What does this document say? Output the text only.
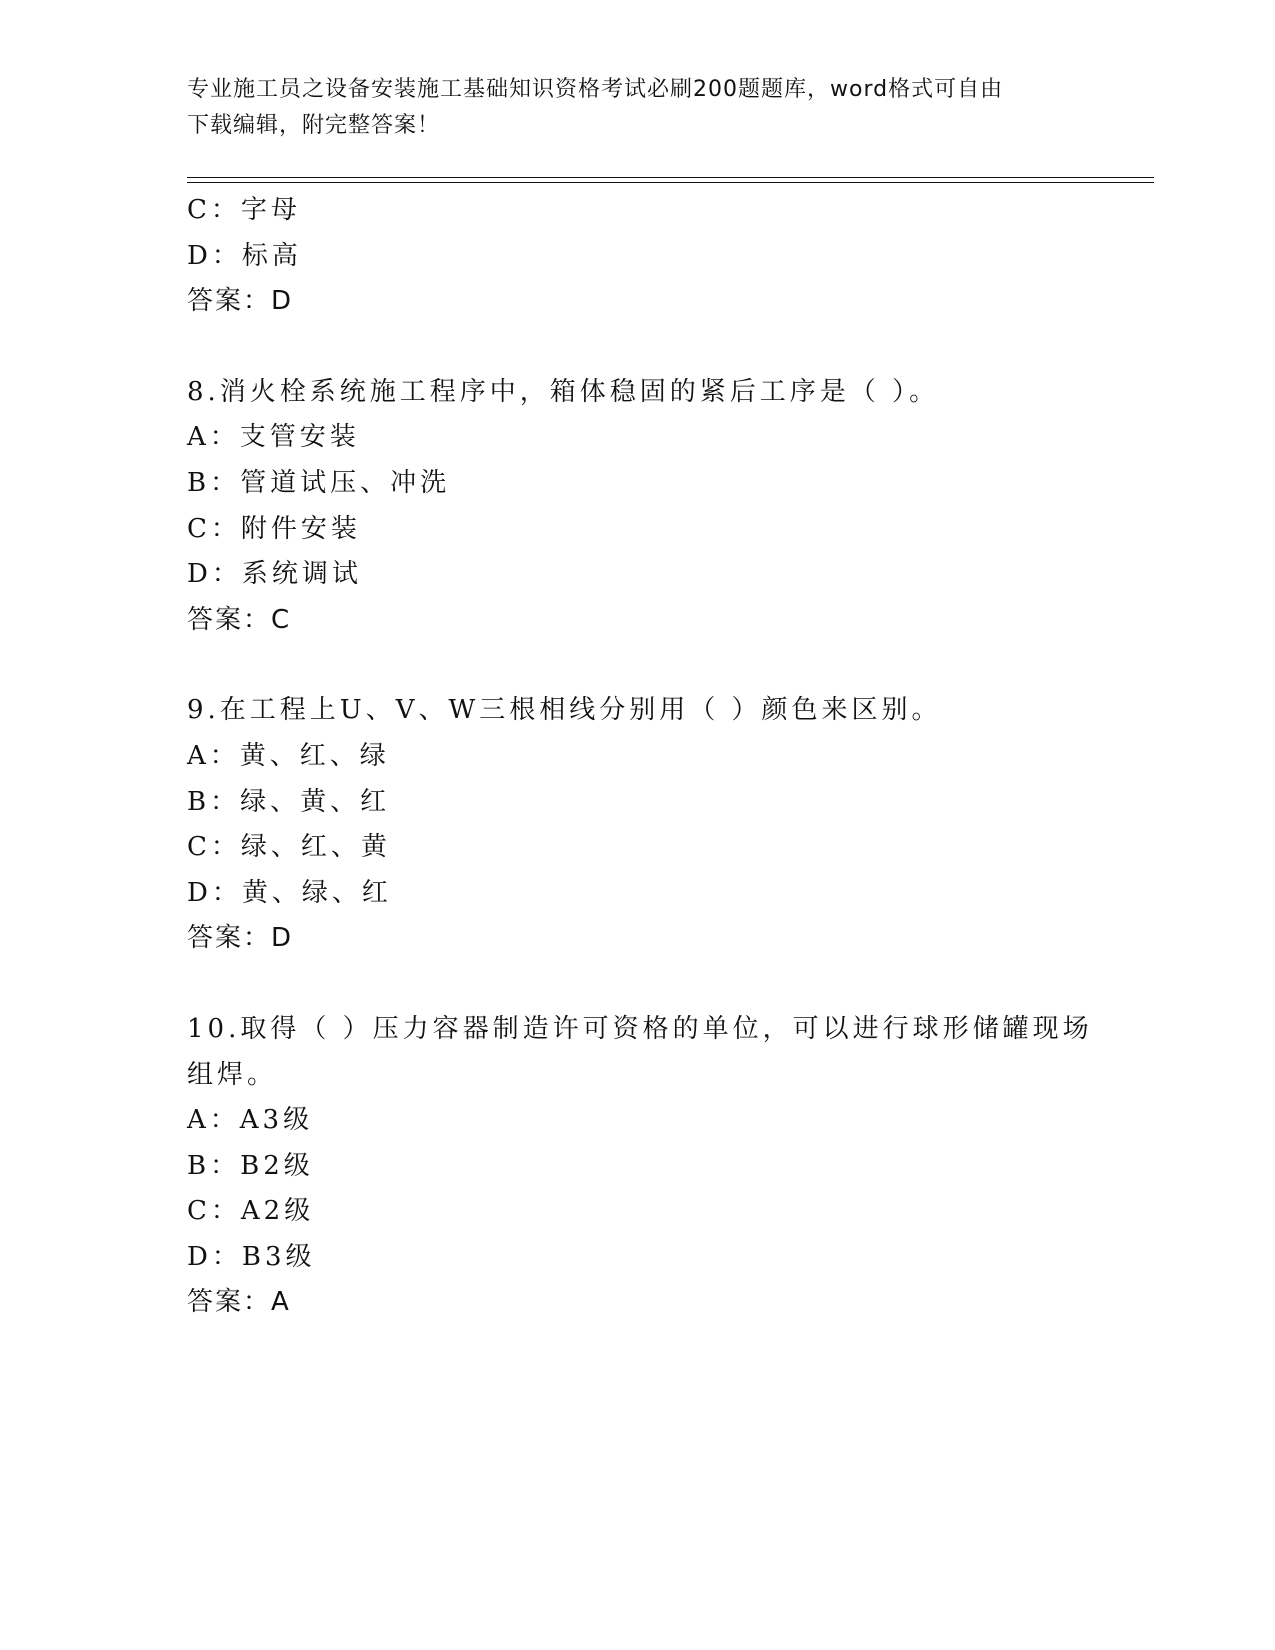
专业施工员之设备安装施工基础知识资格考试必刷200题题库，word格式可自由
下载编辑，附完整答案！
C：字母
D：标高
答案：D
8.消火栓系统施工程序中，箱体稳固的紧后工序是（ ）。
A：支管安装
B：管道试压、冲洗
C：附件安装
D：系统调试
答案：C
9.在工程上U、V、W三根相线分别用（ ）颜色来区别。
A：黄、红、绿
B：绿、黄、红
C：绿、红、黄
D：黄、绿、红
答案：D
10.取得（ ）压力容器制造许可资格的单位，可以进行球形储罐现场
组焊。
A：A3级
B：B2级
C：A2级
D：B3级
答案：A
